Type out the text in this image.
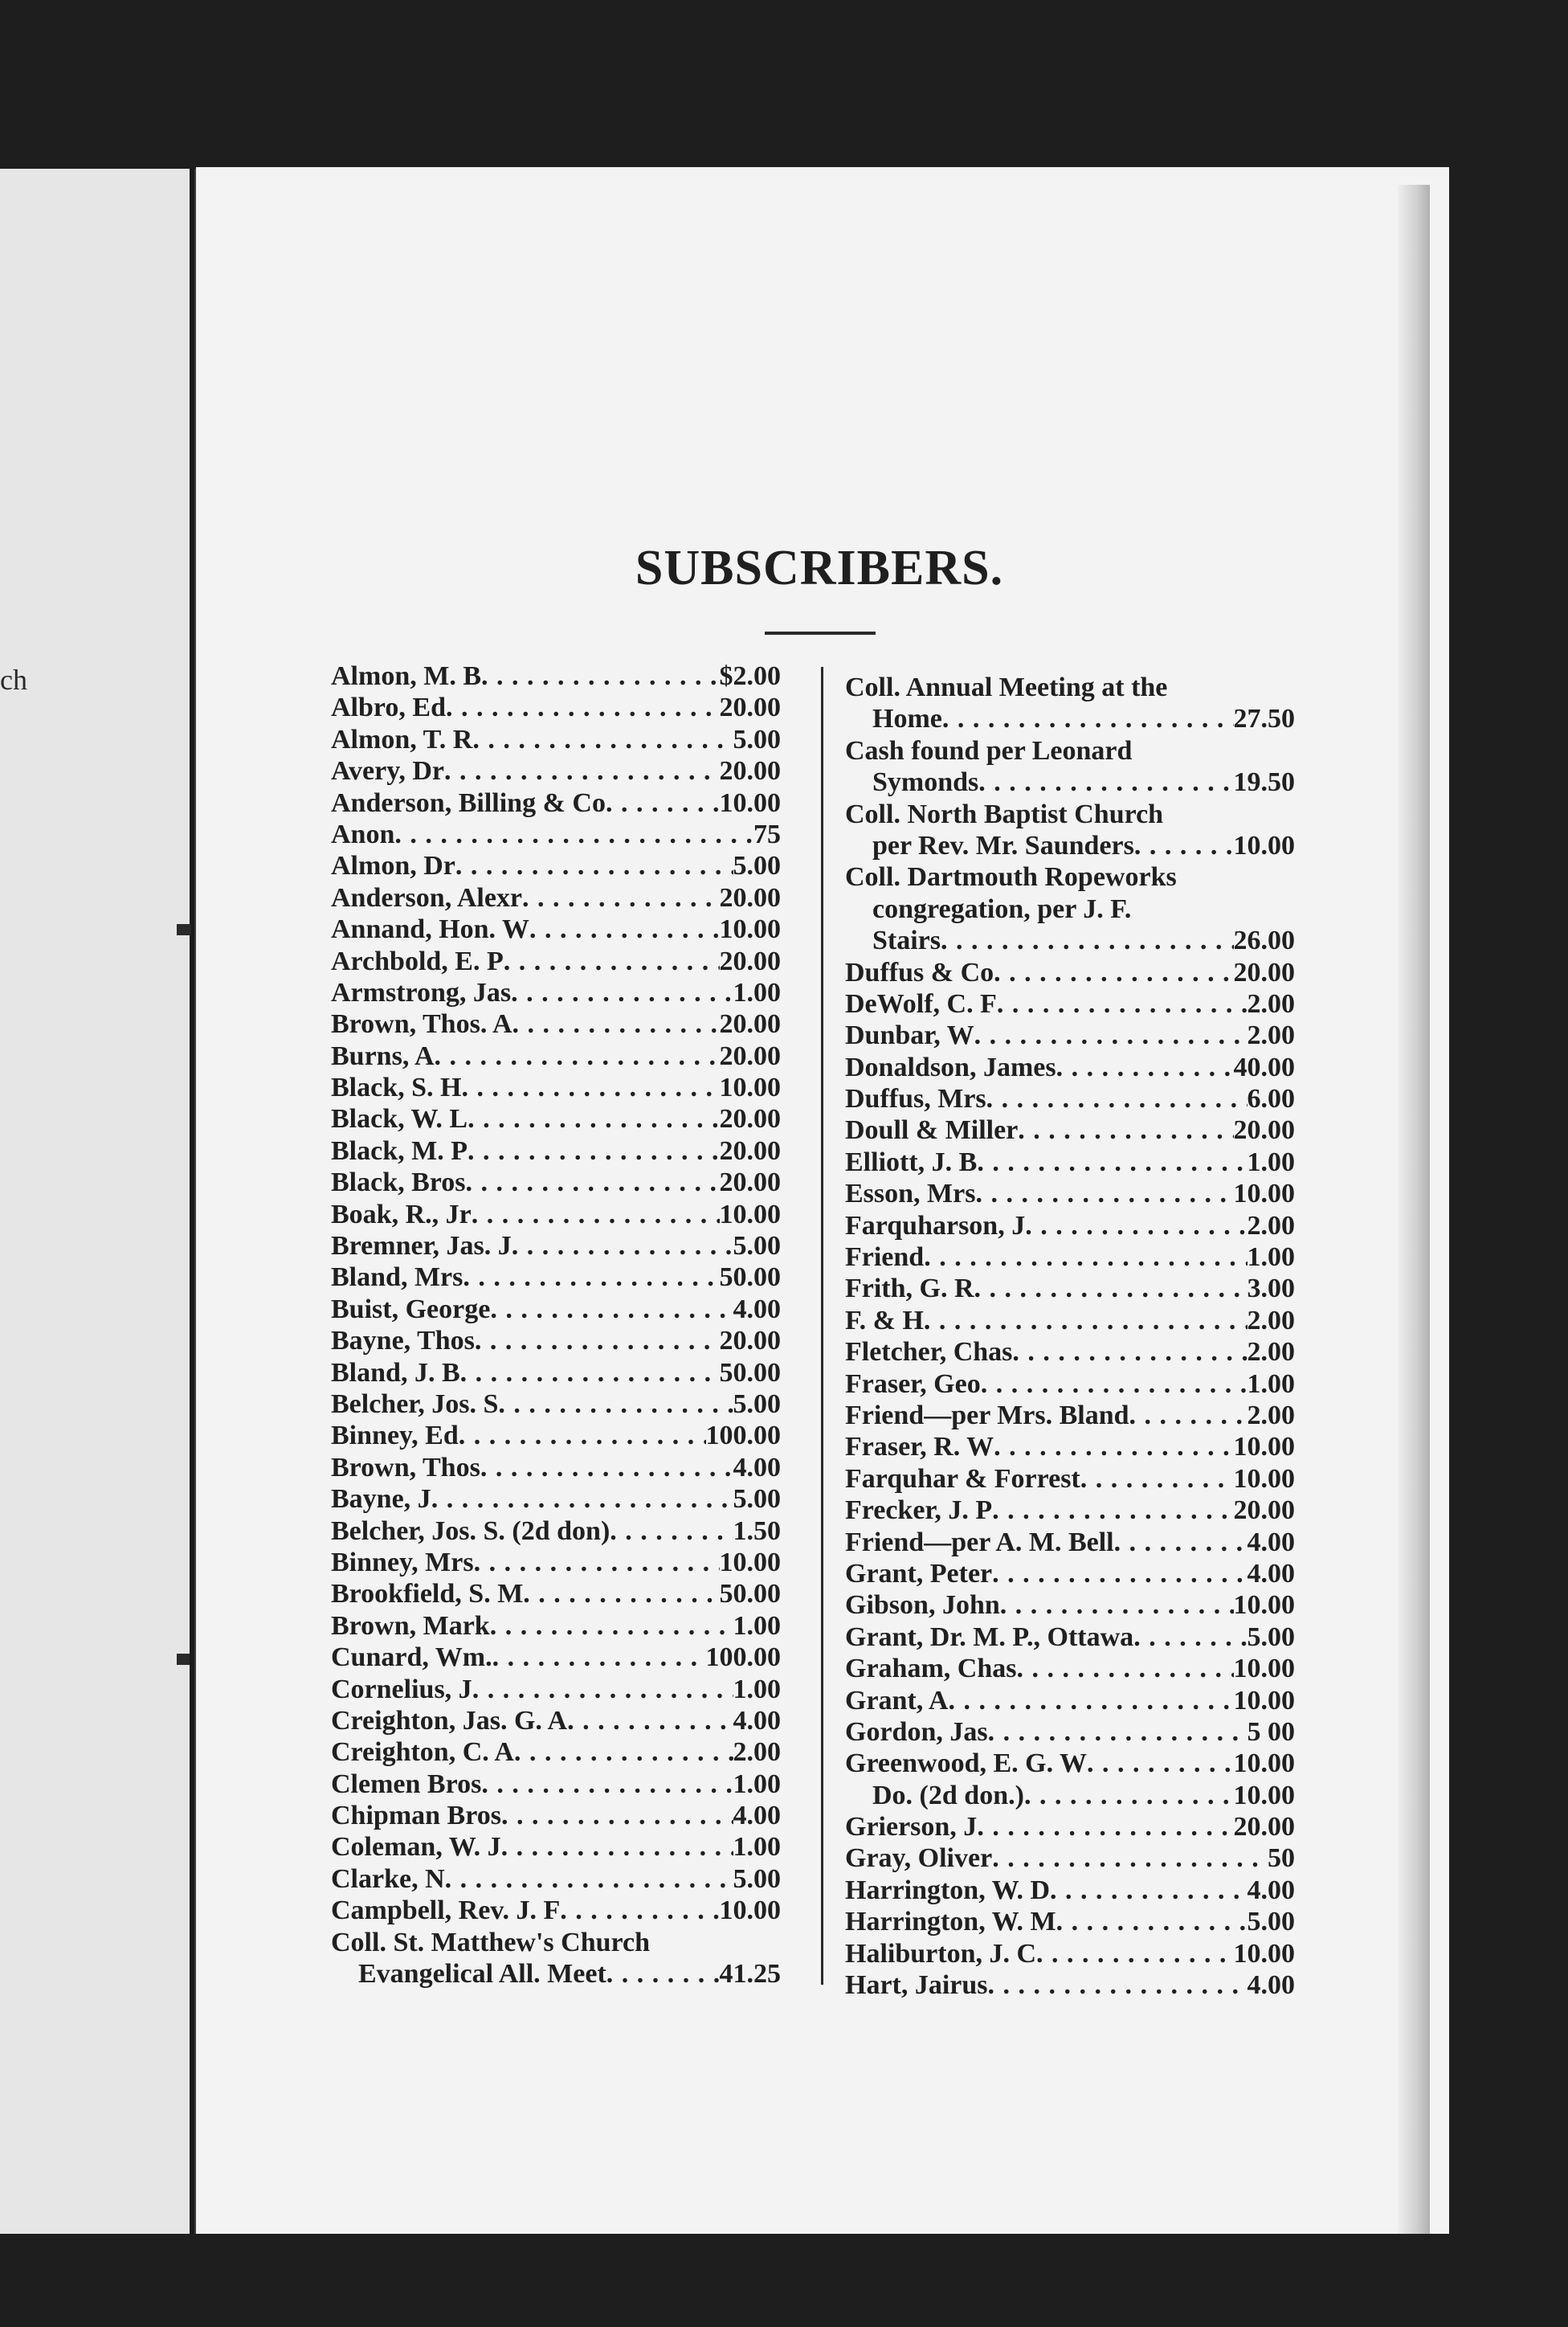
ch
SUBSCRIBERS.
Almon, M. B . . .	$2.00
Albro, Ed . . .	20.00
Almon, T. R . . .	5.00
Avery, Dr . . .	20.00
Anderson, Billing & Co . . .	10.00
Anon . . .	75
Almon, Dr . . .	5.00
Anderson, Alexr . . .	20.00
Annand, Hon. W . . .	10.00
Archbold, E. P . . .	20.00
Armstrong, Jas . . .	1.00
Brown, Thos. A . . .	20.00
Burns, A . . .	20.00
Black, S. H . . .	10.00
Black, W. L . . .	20.00
Black, M. P . . .	20.00
Black, Bros . . .	20.00
Boak, R., Jr . . .	10.00
Bremner, Jas. J . . .	5.00
Bland, Mrs . . .	50.00
Buist, George . . .	4.00
Bayne, Thos . . .	20.00
Bland, J. B . . .	50.00
Belcher, Jos. S . . .	5.00
Binney, Ed . . .	100.00
Brown, Thos . . .	4.00
Bayne, J . . .	5.00
Belcher, Jos. S. (2d don) . . .	1.50
Binney, Mrs . . .	10.00
Brookfield, S. M . . .	50.00
Brown, Mark . . .	1.00
Cunard, Wm. . . .	100.00
Cornelius, J . . .	1.00
Creighton, Jas. G. A . . .	4.00
Creighton, C. A . . .	2.00
Clemen Bros . . .	1.00
Chipman Bros . . .	4.00
Coleman, W. J . . .	1.00
Clarke, N . . .	5.00
Campbell, Rev. J. F . . .	10.00
Coll. St. Matthew's Church
Evangelical All. Meet . . .	41.25
Coll. Annual Meeting at the
Home . . .	27.50
Cash found per Leonard
Symonds . . .	19.50
Coll. North Baptist Church
per Rev. Mr. Saunders . . .	10.00
Coll. Dartmouth Ropeworks
congregation, per J. F.
Stairs . . .	26.00
Duffus & Co . . .	20.00
DeWolf, C. F . . .	2.00
Dunbar, W . . .	2.00
Donaldson, James . . .	40.00
Duffus, Mrs . . .	6.00
Doull & Miller . . .	20.00
Elliott, J. B . . .	1.00
Esson, Mrs . . .	10.00
Farquharson, J . . .	2.00
Friend . . .	1.00
Frith, G. R . . .	3.00
F. & H . . .	2.00
Fletcher, Chas . . .	2.00
Fraser, Geo . . .	1.00
Friend—per Mrs. Bland . . .	2.00
Fraser, R. W . . .	10.00
Farquhar & Forrest . . .	10.00
Frecker, J. P . . .	20.00
Friend—per A. M. Bell . . .	4.00
Grant, Peter . . .	4.00
Gibson, John . . .	10.00
Grant, Dr. M. P., Ottawa . . .	5.00
Graham, Chas . . .	10.00
Grant, A . . .	10.00
Gordon, Jas . . .	5 00
Greenwood, E. G. W . . .	10.00
Do. (2d don.) . . .	10.00
Grierson, J . . .	20.00
Gray, Oliver . . .	50
Harrington, W. D . . .	4.00
Harrington, W. M . . .	5.00
Haliburton, J. C . . .	10.00
Hart, Jairus . . .	4.00
